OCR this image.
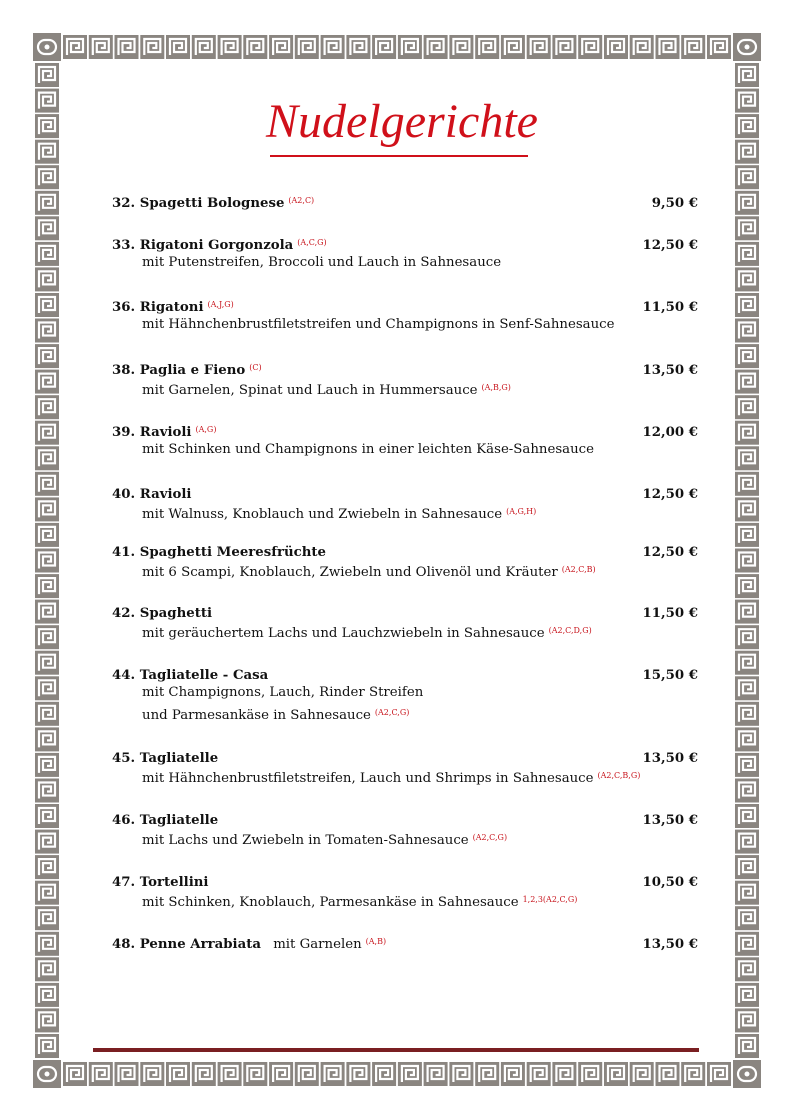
Nudelgerichte
32. Spagetti Bolognese $^{(A2,C)}$	9,50 €
33. Rigatoni Gorgonzola $^{(A,C,G)}$	12,50 €
mit Putenstreifen, Broccoli und Lauch in Sahnesauce
36. Rigatoni $^{(A,J,G)}$	11,50 €
mit Hähnchenbrustfiletstreifen und Champignons in Senf-Sahnesauce
38. Paglia e Fieno $^{(C)}$	13,50 €
mit Garnelen, Spinat und Lauch in Hummersauce $^{(A,B,G)}$
39. Ravioli $^{(A,G)}$	12,00 €
mit Schinken und Champignons in einer leichten Käse-Sahnesauce
40. Ravioli	12,50 €
mit Walnuss, Knoblauch und Zwiebeln in Sahnesauce $^{(A,G,H)}$
41. Spaghetti Meeresfrüchte	12,50 €
mit 6 Scampi, Knoblauch, Zwiebeln und Olivenöl und Kräuter $^{(A2,C,B)}$
42. Spaghetti	11,50 €
mit geräuchertem Lachs und Lauchzwiebeln in Sahnesauce $^{(A2,C,D,G)}$
44. Tagliatelle - Casa	15,50 €
mit Champignons, Lauch, Rinder Streifen
und Parmesankäse in Sahnesauce $^{(A2,C,G)}$
45. Tagliatelle	13,50 €
mit Hähnchenbrustfiletstreifen, Lauch und Shrimps in Sahnesauce $^{(A2,C,B,G)}$
46. Tagliatelle	13,50 €
mit Lachs und Zwiebeln in Tomaten-Sahnesauce $^{(A2,C,G)}$
47. Tortellini	10,50 €
mit Schinken, Knoblauch, Parmesankäse in Sahnesauce $^{1,2,3(A2,C,G)}$
48. Penne Arrabiata mit Garnelen $^{(A,B)}$	13,50 €
